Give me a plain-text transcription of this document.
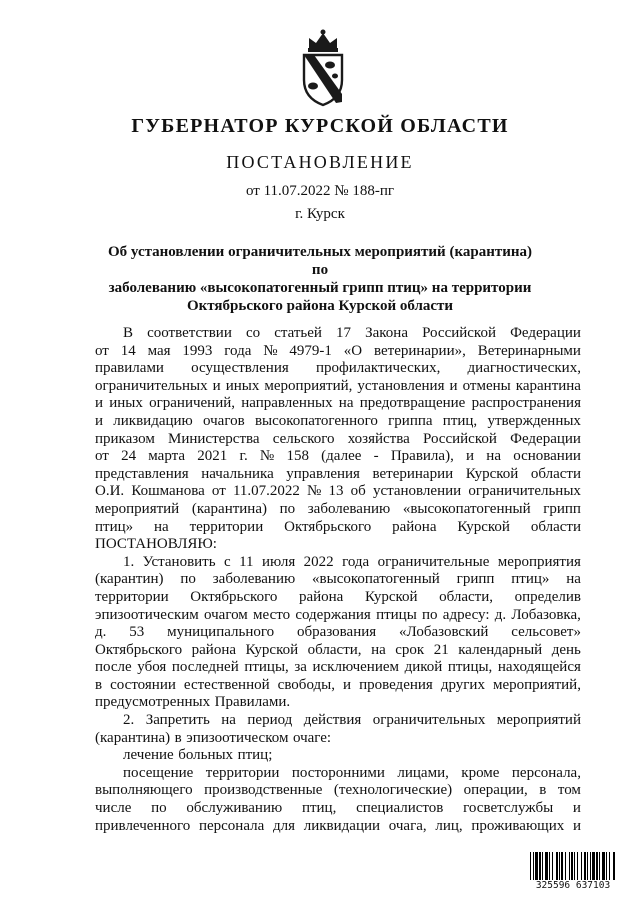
ГУБЕРНАТОР КУРСКОЙ ОБЛАСТИ
ПОСТАНОВЛЕНИЕ
от 11.07.2022 № 188-пг
г. Курск
Об установлении ограничительных мероприятий (карантина) по
заболеванию «высокопатогенный грипп птиц» на территории
Октябрьского района Курской области
В соответствии со статьей 17 Закона Российской Федерации
от 14 мая 1993 года № 4979-1 «О ветеринарии», Ветеринарными
правилами осуществления профилактических, диагностических,
ограничительных и иных мероприятий, установления и отмены карантина
и иных ограничений, направленных на предотвращение распространения
и ликвидацию очагов высокопатогенного гриппа птиц, утвержденных
приказом Министерства сельского хозяйства Российской Федерации
от 24 марта 2021 г. № 158 (далее - Правила), и на основании
представления начальника управления ветеринарии Курской области
О.И. Кошманова от 11.07.2022 № 13 об установлении ограничительных
мероприятий (карантина) по заболеванию «высокопатогенный грипп
птиц» на территории Октябрьского района Курской области
ПОСТАНОВЛЯЮ:
1. Установить с 11 июля 2022 года ограничительные мероприятия
(карантин) по заболеванию «высокопатогенный грипп птиц» на
территории Октябрьского района Курской области, определив
эпизоотическим очагом место содержания птицы по адресу: д. Лобазовка,
д. 53 муниципального образования «Лобазовский сельсовет»
Октябрьского района Курской области, на срок 21 календарный день
после убоя последней птицы, за исключением дикой птицы, находящейся
в состоянии естественной свободы, и проведения других мероприятий,
предусмотренных Правилами.
2. Запретить на период действия ограничительных мероприятий
(карантина) в эпизоотическом очаге:
лечение больных птиц;
посещение территории посторонними лицами, кроме персонала,
выполняющего производственные (технологические) операции, в том
числе по обслуживанию птиц, специалистов госветслужбы и
привлеченного персонала для ликвидации очага, лиц, проживающих и
325596 637103
